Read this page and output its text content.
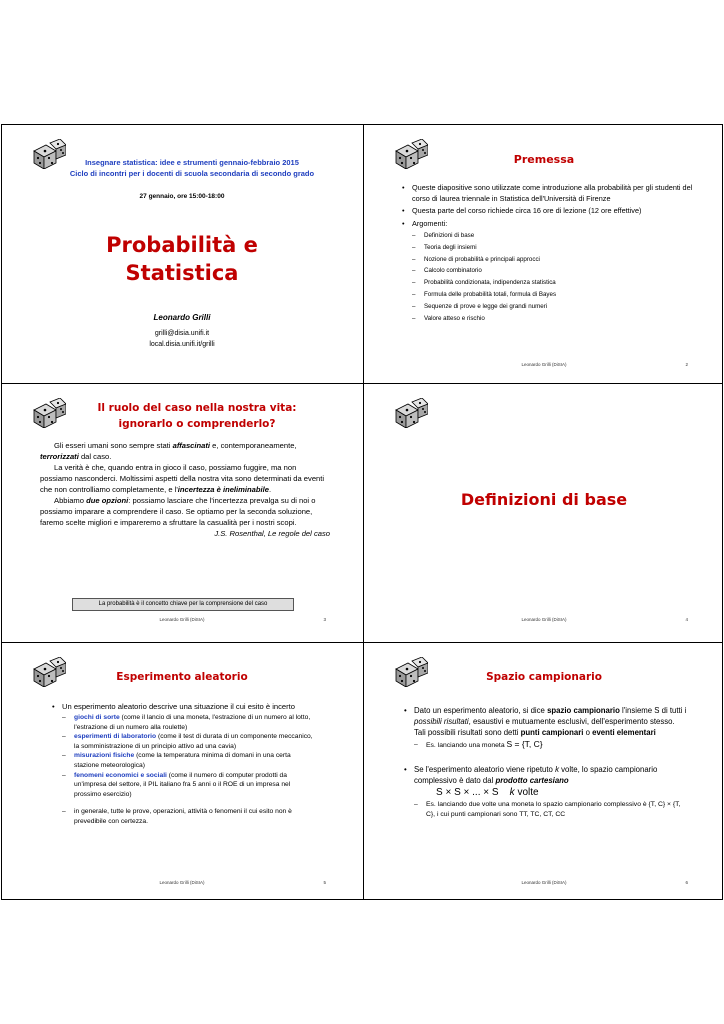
Insegnare statistica: idee e strumenti gennaio-febbraio 2015
Ciclo di incontri per i docenti di scuola secondaria di secondo grado
27 gennaio, ore 15:00-18:00
Probabilità e
Statistica
Leonardo Grilli
grilli@disia.unifi.it
local.disia.unifi.it/grilli
Premessa
• Queste diapositive sono utilizzate come introduzione alla probabilità per gli studenti del corso di laurea triennale in Statistica dell'Università di Firenze
• Questa parte del corso richiede circa 16 ore di lezione (12 ore effettive)
• Argomenti:
– Definizioni di base
– Teoria degli insiemi
– Nozione di probabilità e principali approcci
– Calcolo combinatorio
– Probabilità condizionata, indipendenza statistica
– Formula delle probabilità totali, formula di Bayes
– Sequenze di prove e legge dei grandi numeri
– Valore atteso e rischio
Leonardo Grilli (DiSIA)	2
Il ruolo del caso nella nostra vita:
ignorarlo o comprenderlo?

Gli esseri umani sono sempre stati affascinati e, contemporaneamente, terrorizzati dal caso.

La verità è che, quando entra in gioco il caso, possiamo fuggire, ma non possiamo nasconderci. Moltissimi aspetti della nostra vita sono determinati da eventi che non controlliamo completamente, e l'incertezza è ineliminabile.

Abbiamo due opzioni: possiamo lasciare che l'incertezza prevalga su di noi o possiamo imparare a comprendere il caso. Se optiamo per la seconda soluzione, faremo scelte migliori e impareremo a sfruttare la casualità per i nostri scopi.

J.S. Rosenthal, Le regole del caso
La probabilità è il concetto chiave per la comprensione del caso
Leonardo Grilli (DiSIA)	3
Definizioni di base
Leonardo Grilli (DiSIA)	4
Esperimento aleatorio
• Un esperimento aleatorio descrive una situazione il cui esito è incerto
– giochi di sorte (come il lancio di una moneta, l'estrazione di un numero al lotto, l'estrazione di un numero alla roulette)
– esperimenti di laboratorio (come il test di durata di un componente meccanico, la somministrazione di un principio attivo ad una cavia)
– misurazioni fisiche (come la temperatura minima di domani in una certa stazione meteorologica)
– fenomeni economici e sociali (come il numero di computer prodotti da un'impresa del settore, il PIL italiano fra 5 anni o il ROE di un impresa nel prossimo esercizio)
– in generale, tutte le prove, operazioni, attività o fenomeni il cui esito non è prevedibile con certezza.
Leonardo Grilli (DiSIA)	5
Spazio campionario
• Dato un esperimento aleatorio, si dice spazio campionario l'insieme S di tutti i possibili risultati, esaustivi e mutuamente esclusivi, dell'esperimento stesso. Tali possibili risultati sono detti punti campionari o eventi elementari
– Es. lanciando una moneta S = {T, C}
• Se l'esperimento aleatorio viene ripetuto k volte, lo spazio campionario complessivo è dato dal prodotto cartesiano
S × S × ... × S k volte
– Es. lanciando due volte una moneta lo spazio campionario complessivo è {T, C} × {T, C}, i cui punti campionari sono TT, TC, CT, CC
Leonardo Grilli (DiSIA)	6
